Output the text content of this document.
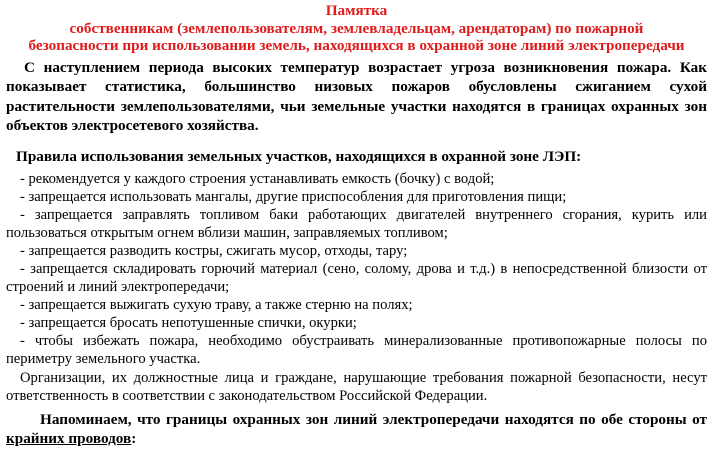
Памятка
собственникам (землепользователям, землевладельцам, арендаторам) по пожарной
безопасности при использовании земель, находящихся в охранной зоне линий электропередачи

С наступлением периода высоких температур возрастает угроза возникновения пожара. Как показывает статистика, большинство низовых пожаров обусловлены сжиганием сухой растительности землепользователями, чьи земельные участки находятся в границах охранных зон объектов электросетевого хозяйства.

Правила использования земельных участков, находящихся в охранной зоне ЛЭП:

- рекомендуется у каждого строения устанавливать емкость (бочку) с водой;
- запрещается использовать мангалы, другие приспособления для приготовления пищи;
- запрещается заправлять топливом баки работающих двигателей внутреннего сгорания, курить или пользоваться открытым огнем вблизи машин, заправляемых топливом;
- запрещается разводить костры, сжигать мусор, отходы, тару;
- запрещается складировать горючий материал (сено, солому, дрова и т.д.) в непосредственной близости от строений и линий электропередачи;
- запрещается выжигать сухую траву, а также стерню на полях;
- запрещается бросать непотушенные спички, окурки;
- чтобы избежать пожара, необходимо обустраивать минерализованные противопожарные полосы по периметру земельного участка.

Организации, их должностные лица и граждане, нарушающие требования пожарной безопасности, несут ответственность в соответствии с законодательством Российской Федерации.

Напоминаем, что границы охранных зон линий электропередачи находятся по обе стороны от крайних проводов:
